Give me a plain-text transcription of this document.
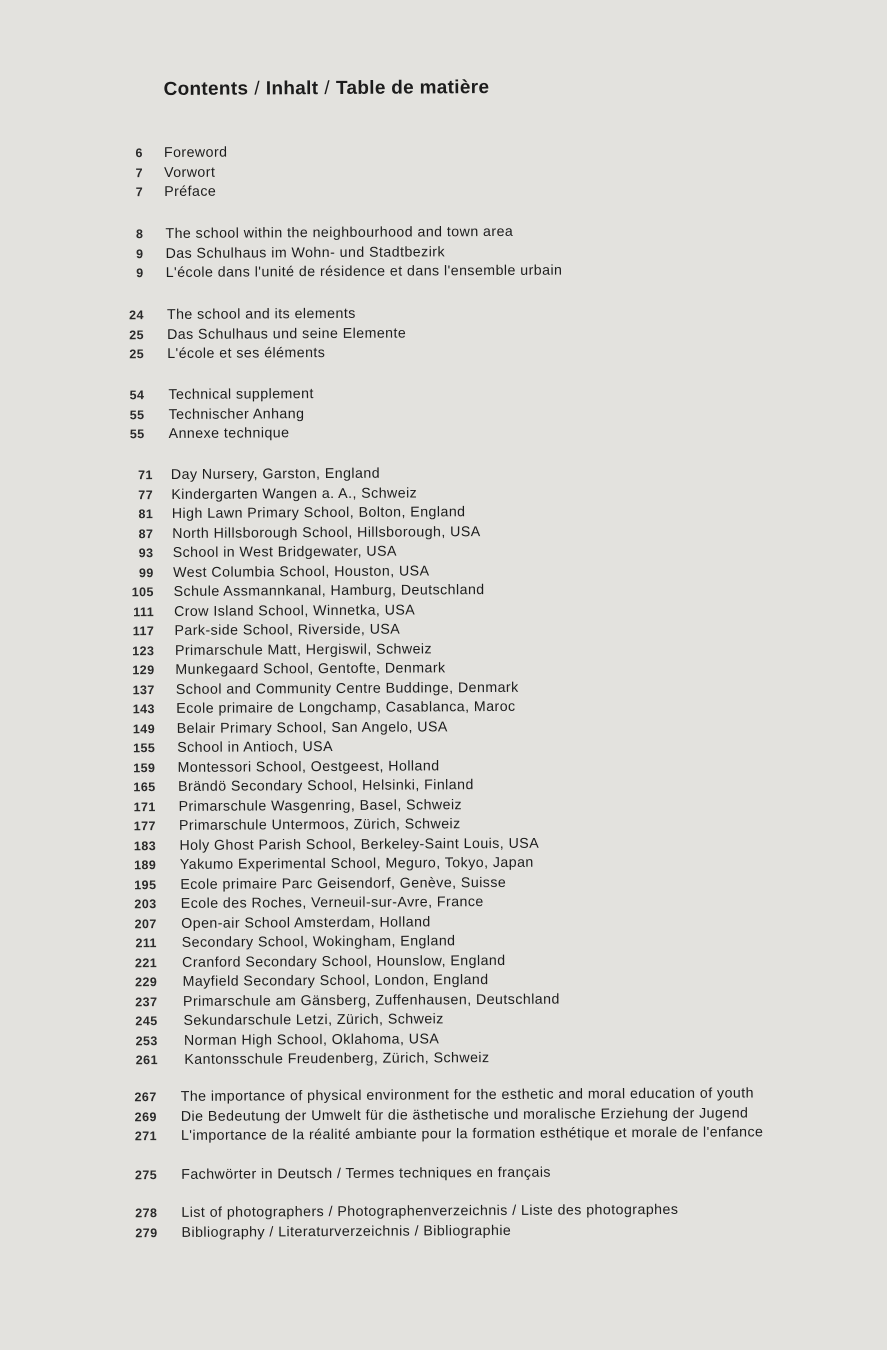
Contents / Inhalt / Table de matière
6 Foreword
7 Vorwort
7 Préface
8 The school within the neighbourhood and town area
9 Das Schulhaus im Wohn- und Stadtbezirk
9 L'école dans l'unité de résidence et dans l'ensemble urbain
24 The school and its elements
25 Das Schulhaus und seine Elemente
25 L'école et ses éléments
54 Technical supplement
55 Technischer Anhang
55 Annexe technique
71 Day Nursery, Garston, England
77 Kindergarten Wangen a. A., Schweiz
81 High Lawn Primary School, Bolton, England
87 North Hillsborough School, Hillsborough, USA
93 School in West Bridgewater, USA
99 West Columbia School, Houston, USA
105 Schule Assmannkanal, Hamburg, Deutschland
111 Crow Island School, Winnetka, USA
117 Park-side School, Riverside, USA
123 Primarschule Matt, Hergiswil, Schweiz
129 Munkegaard School, Gentofte, Denmark
137 School and Community Centre Buddinge, Denmark
143 Ecole primaire de Longchamp, Casablanca, Maroc
149 Belair Primary School, San Angelo, USA
155 School in Antioch, USA
159 Montessori School, Oestgeest, Holland
165 Brändö Secondary School, Helsinki, Finland
171 Primarschule Wasgenring, Basel, Schweiz
177 Primarschule Untermoos, Zürich, Schweiz
183 Holy Ghost Parish School, Berkeley-Saint Louis, USA
189 Yakumo Experimental School, Meguro, Tokyo, Japan
195 Ecole primaire Parc Geisendorf, Genève, Suisse
203 Ecole des Roches, Verneuil-sur-Avre, France
207 Open-air School Amsterdam, Holland
211 Secondary School, Wokingham, England
221 Cranford Secondary School, Hounslow, England
229 Mayfield Secondary School, London, England
237 Primarschule am Gänsberg, Zuffenhausen, Deutschland
245 Sekundarschule Letzi, Zürich, Schweiz
253 Norman High School, Oklahoma, USA
261 Kantonsschule Freudenberg, Zürich, Schweiz
267 The importance of physical environment for the esthetic and moral education of youth
269 Die Bedeutung der Umwelt für die ästhetische und moralische Erziehung der Jugend
271 L'importance de la réalité ambiante pour la formation esthétique et morale de l'enfance
275 Fachwörter in Deutsch / Termes techniques en français
278 List of photographers / Photographenverzeichnis / Liste des photographes
279 Bibliography / Literaturverzeichnis / Bibliographie
